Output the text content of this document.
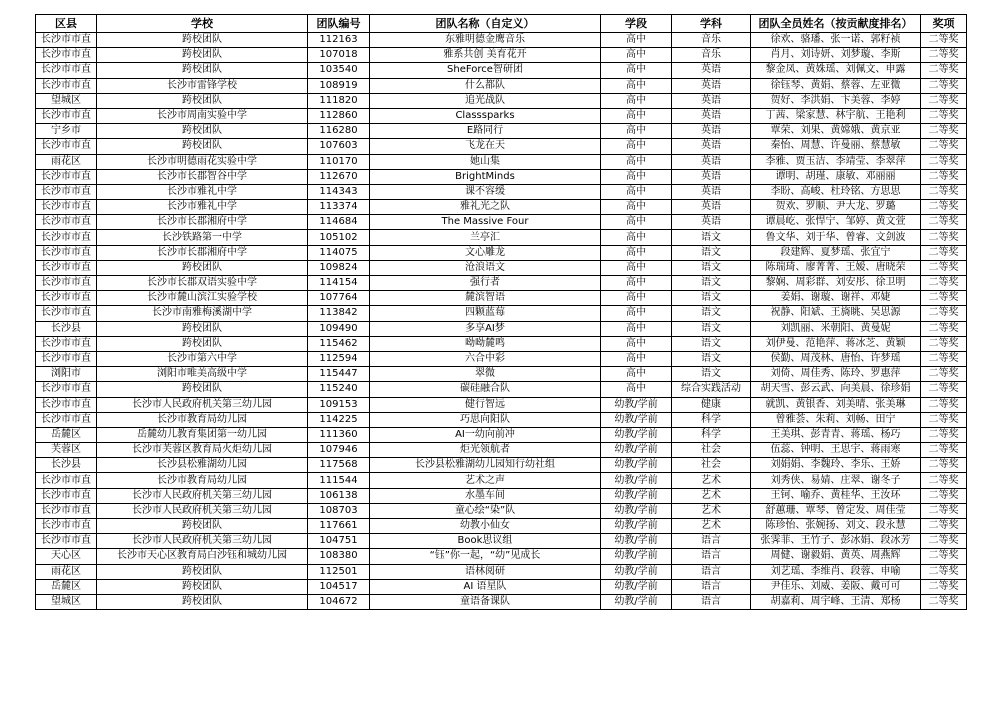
区县	学校	团队编号	团队名称（自定义）	学段	学科	团队全员姓名（按贡献度排名）	奖项
长沙市市直	跨校团队	112163	东雅明德金鹰音乐	高中	音乐	徐欢、骆璠、张一诺、郭籽祯	二等奖
长沙市市直	跨校团队	107018	雅系共创 美育花开	高中	音乐	肖月、刘诗妍、刘梦璇、李斯	二等奖
长沙市市直	跨校团队	103540	SheForce智研团	高中	英语	黎金凤、黄姝瑶、刘佩文、申露	二等奖
长沙市市直	长沙市雷锋学校	108919	什么都队	高中	英语	徐钰琴、黄娟、蔡蓉、左亚微	二等奖
望城区	跨校团队	111820	追光战队	高中	英语	贺好、李洪娟、卞美蓉、李婷	二等奖
长沙市市直	长沙市周南实验中学	112860	Classsparks	高中	英语	丁茜、梁家慧、林宇航、王艳利	二等奖
宁乡市	跨校团队	116280	E路同行	高中	英语	覃荣、刘果、黄嫦娥、黄京亚	二等奖
长沙市市直	跨校团队	107603	飞龙在天	高中	英语	秦怡、周慧、许曼丽、蔡慧敏	二等奖
雨花区	长沙市明德雨花实验中学	110170	她山集	高中	英语	李雅、贾玉洁、李靖莹、李翠萍	二等奖
长沙市市直	长沙市长郡智谷中学	112670	BrightMinds	高中	英语	谭明、胡瑾、康敏、邓丽丽	二等奖
长沙市市直	长沙市雅礼中学	114343	课不容缓	高中	英语	李盼、高峻、杜玲铭、方思思	二等奖
长沙市市直	长沙市雅礼中学	113374	雅礼光之队	高中	英语	贺欢、罗顺、尹大龙、罗璐	二等奖
长沙市市直	长沙市长郡湘府中学	114684	The Massive Four	高中	英语	谭晨屹、张悍宁、邹婷、黄文萱	二等奖
长沙市市直	长沙铁路第一中学	105102	兰亭汇	高中	语文	鲁文华、刘于华、曾睿、文剑波	二等奖
长沙市市直	长沙市长郡湘府中学	114075	文心雕龙	高中	语文	段建辉、夏梦瑶、张宜宁	二等奖
长沙市市直	跨校团队	109824	沧浪语文	高中	语文	陈瑞琦、廖菁菁、王嫒、唐晓荣	二等奖
长沙市市直	长沙市长郡双语实验中学	114154	强行者	高中	语文	黎娴、周彩群、刘安彤、徐卫明	二等奖
长沙市市直	长沙市麓山滨江实验学校	107764	麓滨智语	高中	语文	姜娟、谢璇、谢祥、邓婕	二等奖
长沙市市直	长沙市南雅梅溪湖中学	113842	四颗蓝莓	高中	语文	祝静、阳斌、王旖眺、吴思源	二等奖
长沙县	跨校团队	109490	多享AI梦	高中	语文	刘凯丽、米朝阳、黄曼妮	二等奖
长沙市市直	跨校团队	115462	呦呦麓鸣	高中	语文	刘伊曼、范艳萍、蒋冰芝、黄颖	二等奖
长沙市市直	长沙市第六中学	112594	六合中彩	高中	语文	侯勤、周茂林、唐怡、许梦瑶	二等奖
浏阳市	浏阳市唯美高级中学	115447	翠微	高中	语文	刘倚、周佳秀、陈玲、罗惠萍	二等奖
长沙市市直	跨校团队	115240	碳硅融合队	高中	综合实践活动	胡天雪、彭云武、向美晨、徐珍娟	二等奖
长沙市市直	长沙市人民政府机关第三幼儿园	109153	健行智远	幼教/学前	健康	就凯、黄银香、刘美晴、张美琳	二等奖
长沙市市直	长沙市教育局幼儿园	114225	巧思向阳队	幼教/学前	科学	曾雅荟、朱莉、刘畅、田宁	二等奖
岳麓区	岳麓幼儿教育集团第一幼儿园	111360	AI一幼向前冲	幼教/学前	科学	王美琪、彭青青、蒋瑶、杨巧	二等奖
芙蓉区	长沙市芙蓉区教育局火炬幼儿园	107946	炬光领航者	幼教/学前	社会	伍蕊、钟明、王思宇、蒋雨寒	二等奖
长沙县	长沙县松雅湖幼儿园	117568	长沙县松雅湖幼儿园知行幼社组	幼教/学前	社会	刘娟娟、李魏玲、李乐、王娇	二等奖
长沙市市直	长沙市教育局幼儿园	111544	艺术之声	幼教/学前	艺术	刘秀侠、易婧、庄翠、谢冬子	二等奖
长沙市市直	长沙市人民政府机关第三幼儿园	106138	水墨车间	幼教/学前	艺术	王钶、喻乔、黄桂华、王汝环	二等奖
长沙市市直	长沙市人民政府机关第三幼儿园	108703	童心绘“染”队	幼教/学前	艺术	舒蕙珊、覃琴、曾定发、周佳莹	二等奖
长沙市市直	跨校团队	117661	幼教小仙女	幼教/学前	艺术	陈珍怡、张婉扬、刘文、段永慧	二等奖
长沙市市直	长沙市人民政府机关第三幼儿园	104751	Book思议组	幼教/学前	语言	张霁菲、王竹子、彭冰娟、段冰芳	二等奖
天心区	长沙市天心区教育局白沙钰和城幼儿园	108380	“钰”你一起，“幼”见成长	幼教/学前	语言	周健、谢毅娟、黄英、周燕辉	二等奖
雨花区	跨校团队	112501	语林阅研	幼教/学前	语言	刘艺瑶、李维肖、段蓉、申喻	二等奖
岳麓区	跨校团队	104517	AI 语星队	幼教/学前	语言	尹佳乐、刘威、姜阪、戴可可	二等奖
望城区	跨校团队	104672	童语备课队	幼教/学前	语言	胡嘉莉、周宇峰、王清、郑杨	二等奖
